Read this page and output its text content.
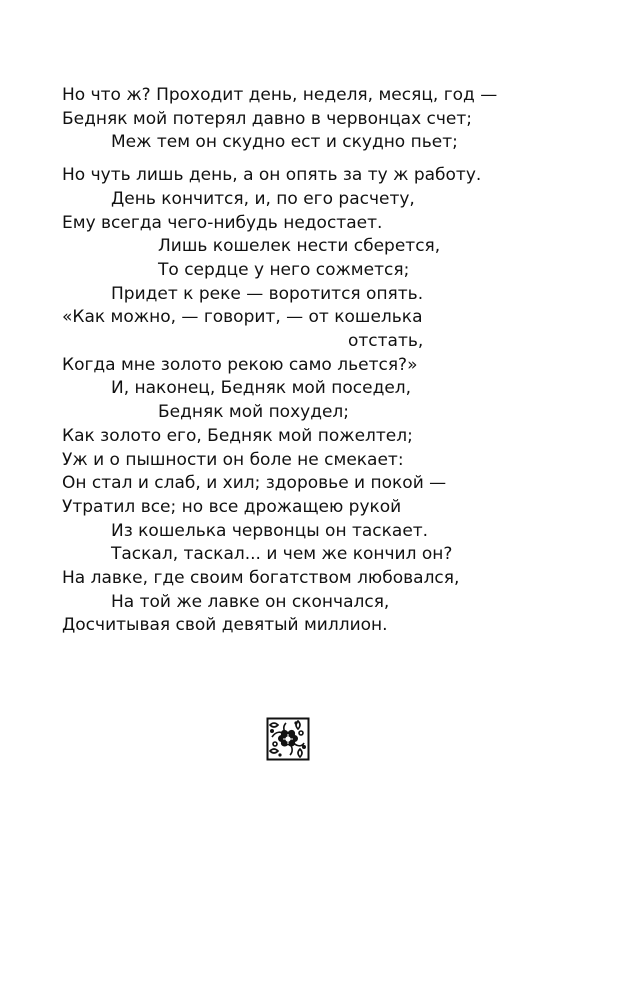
Но что ж? Проходит день, неделя, месяц, год —
Бедняк мой потерял давно в червонцах счет;
Меж тем он скудно ест и скудно пьет;
Но чуть лишь день, а он опять за ту ж работу.
День кончится, и, по его расчету,
Ему всегда чего-нибудь недостает.
Лишь кошелек нести сберется,
То сердце у него сожмется;
Придет к реке — воротится опять.
«Как можно, — говорит, — от кошелька
отстать,
Когда мне золото рекою само льется?»
И, наконец, Бедняк мой поседел,
Бедняк мой похудел;
Как золото его, Бедняк мой пожелтел;
Уж и о пышности он боле не смекает:
Он стал и слаб, и хил; здоровье и покой —
Утратил все; но все дрожащею рукой
Из кошелька червонцы он таскает.
Таскал, таскал... и чем же кончил он?
На лавке, где своим богатством любовался,
На той же лавке он скончался,
Досчитывая свой девятый миллион.
